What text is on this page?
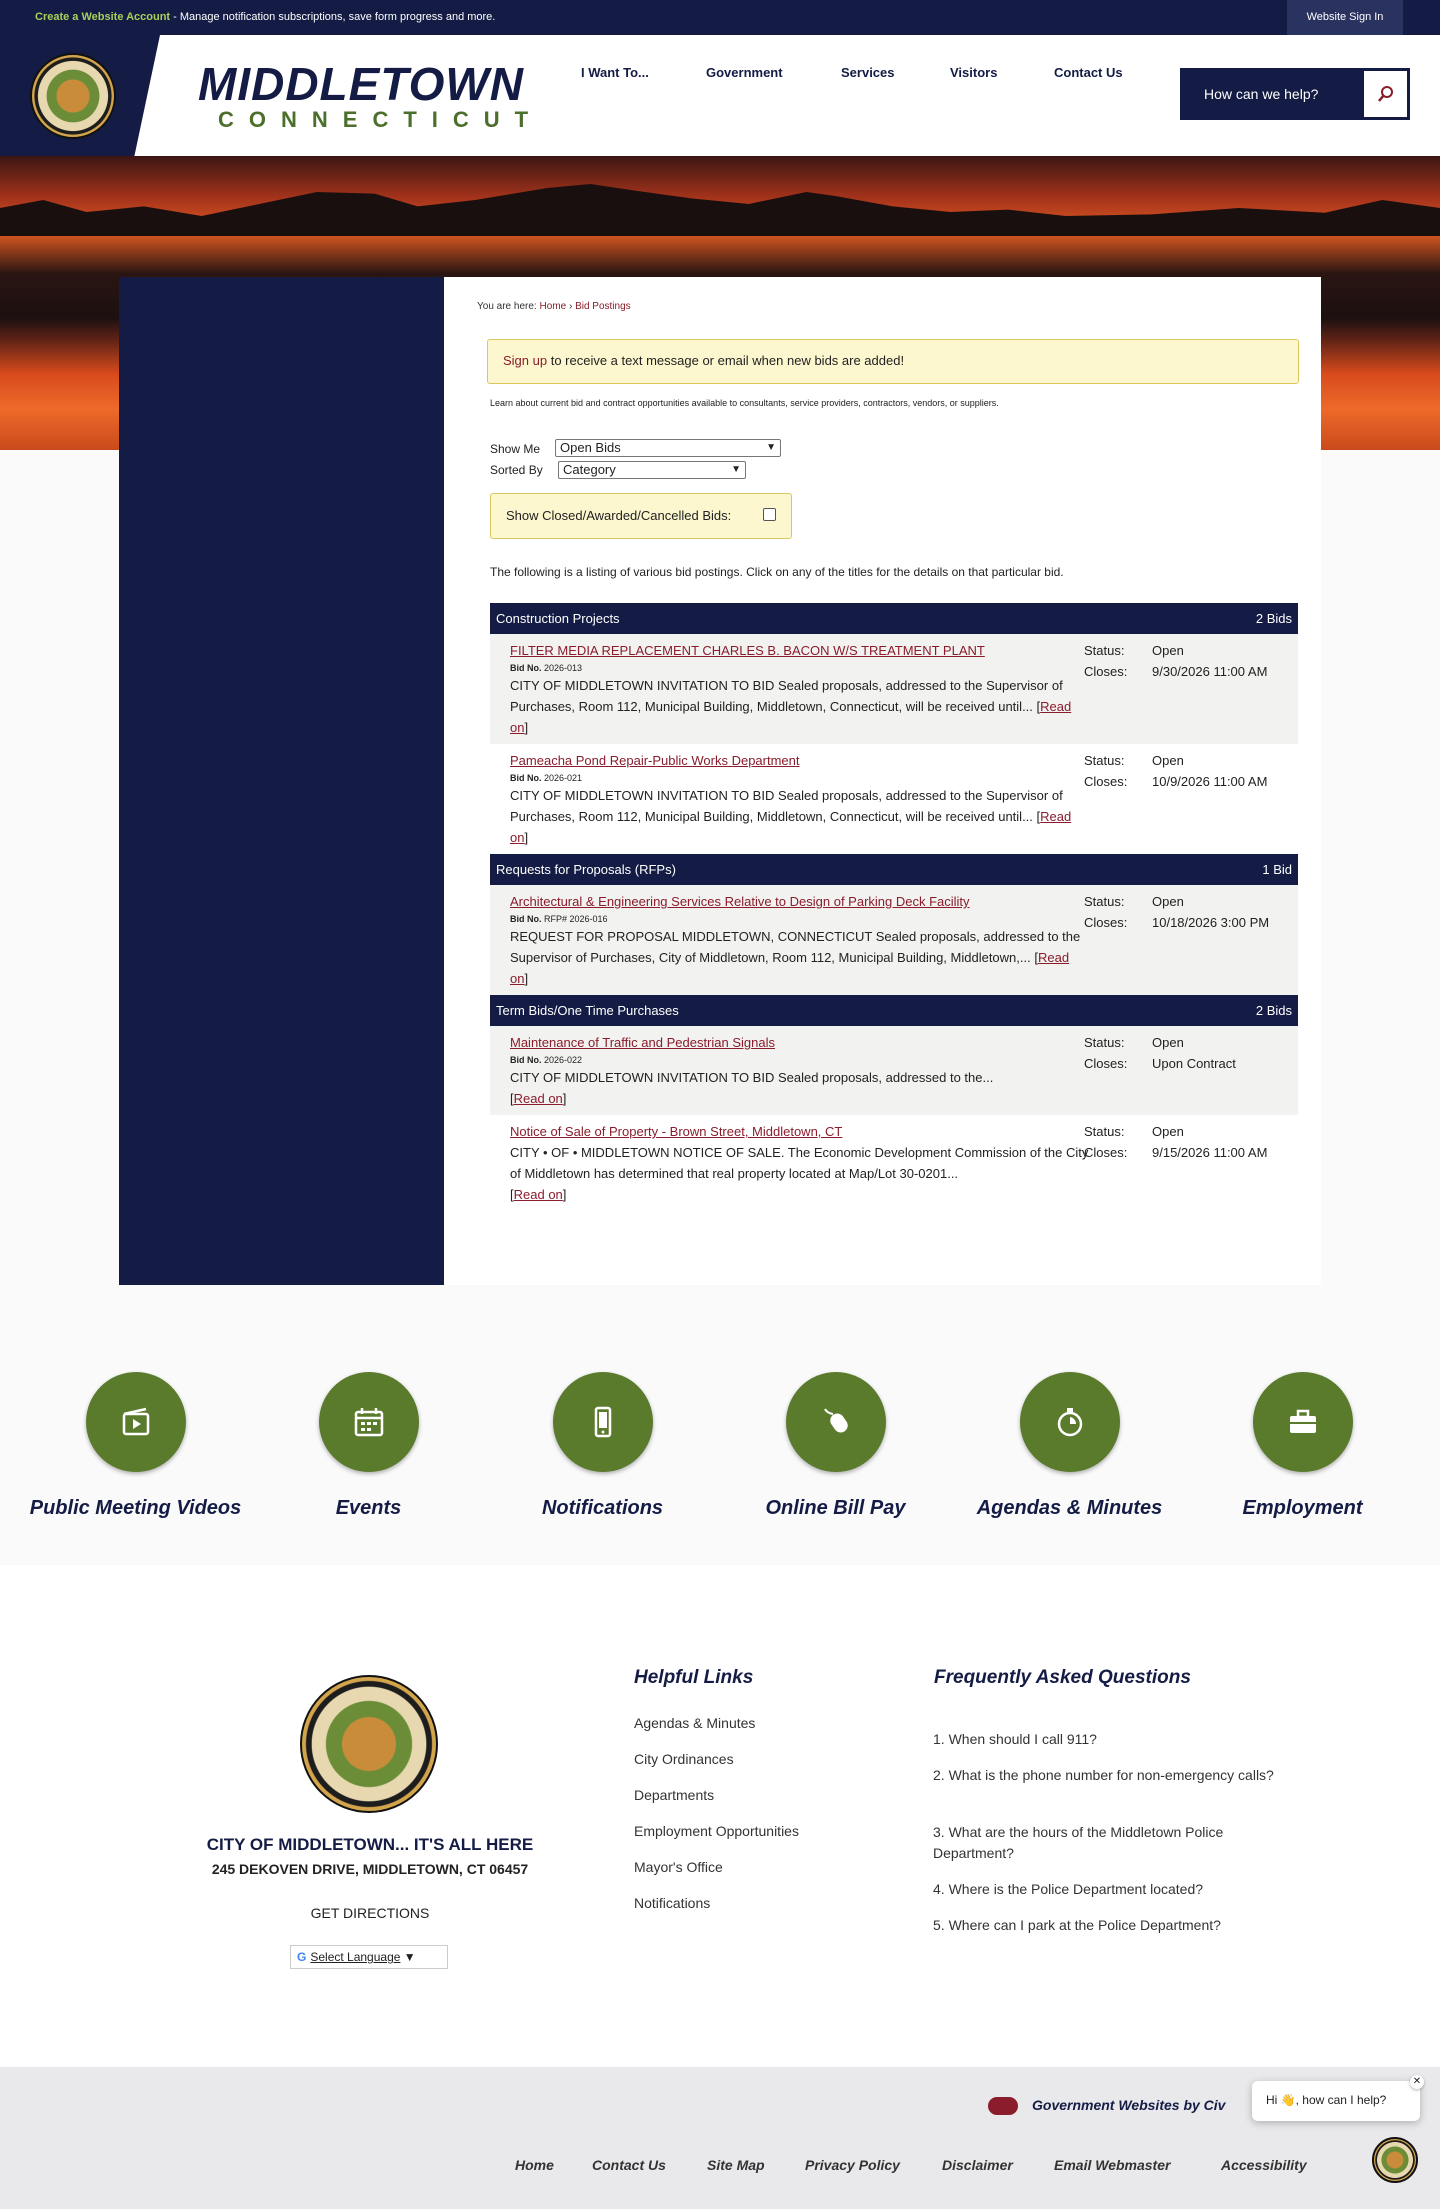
Create a Website Account - Manage notification subscriptions, save form progress and more.	Website Sign In
MIDDLETOWN
CONNECTICUT
I Want To...	Government	Services	Visitors	Contact Us
How can we help?
You are here: Home › Bid Postings
Sign up to receive a text message or email when new bids are added!
Learn about current bid and contract opportunities available to consultants, service providers, contractors, vendors, or suppliers.
Show Me	Open Bids	▼
Sorted By	Category	▼
Show Closed/Awarded/Cancelled Bids:
The following is a listing of various bid postings. Click on any of the titles for the details on that particular bid.
Construction Projects	2 Bids
FILTER MEDIA REPLACEMENT CHARLES B. BACON W/S TREATMENT PLANT
Bid No. 2026-013
CITY OF MIDDLETOWN INVITATION TO BID Sealed proposals, addressed to the Supervisor of Purchases, Room 112, Municipal Building, Middletown, Connecticut, will be received until... [Read on]
Status:	Open
Closes:	9/30/2026 11:00 AM
Pameacha Pond Repair-Public Works Department
Bid No. 2026-021
CITY OF MIDDLETOWN INVITATION TO BID Sealed proposals, addressed to the Supervisor of Purchases, Room 112, Municipal Building, Middletown, Connecticut, will be received until... [Read on]
Status:	Open
Closes:	10/9/2026 11:00 AM
Requests for Proposals (RFPs)	1 Bid
Architectural & Engineering Services Relative to Design of Parking Deck Facility
Bid No. RFP# 2026-016
REQUEST FOR PROPOSAL MIDDLETOWN, CONNECTICUT Sealed proposals, addressed to the Supervisor of Purchases, City of Middletown, Room 112, Municipal Building, Middletown,... [Read on]
Status:	Open
Closes:	10/18/2026 3:00 PM
Term Bids/One Time Purchases	2 Bids
Maintenance of Traffic and Pedestrian Signals
Bid No. 2026-022
CITY OF MIDDLETOWN INVITATION TO BID Sealed proposals, addressed to the...
[Read on]
Status:	Open
Closes:	Upon Contract
Notice of Sale of Property - Brown Street, Middletown, CT
CITY • OF • MIDDLETOWN NOTICE OF SALE. The Economic Development Commission of the City of Middletown has determined that real property located at Map/Lot 30-0201...
[Read on]
Status:	Open
Closes:	9/15/2026 11:00 AM
Public Meeting Videos	Events	Notifications	Online Bill Pay	Agendas & Minutes	Employment
CITY OF MIDDLETOWN... IT'S ALL HERE
245 DEKOVEN DRIVE, MIDDLETOWN, CT 06457
GET DIRECTIONS
G Select Language ▼
Helpful Links
Agendas & Minutes
City Ordinances
Departments
Employment Opportunities
Mayor's Office
Notifications
Frequently Asked Questions
1. When should I call 911?
2. What is the phone number for non-emergency calls?
3. What are the hours of the Middletown Police Department?
4. Where is the Police Department located?
5. Where can I park at the Police Department?
Government Websites by Civ
Home	Contact Us	Site Map	Privacy Policy	Disclaimer	Email Webmaster	Accessibility
Hi 👋, how can I help?
✕
